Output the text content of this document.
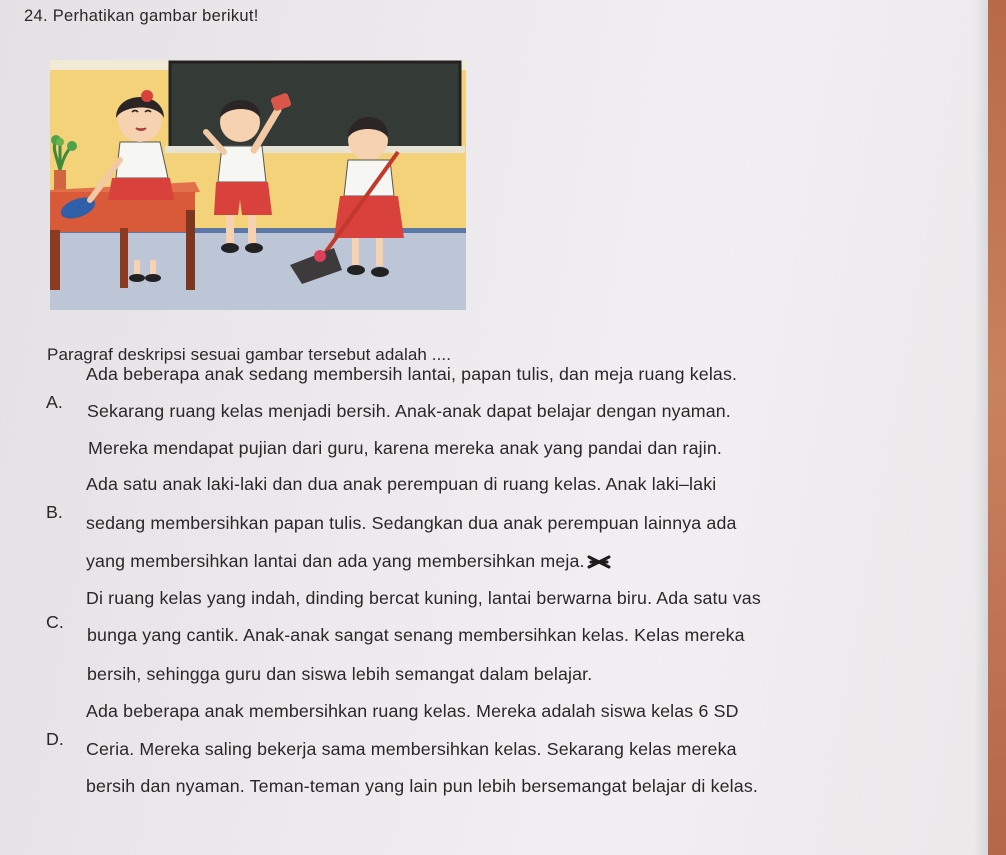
24. Perhatikan gambar berikut!
Paragraf deskripsi sesuai gambar tersebut adalah ....
A.
Ada beberapa anak sedang membersih lantai, papan tulis, dan meja ruang kelas.
Sekarang ruang kelas menjadi bersih. Anak-anak dapat belajar dengan nyaman.
Mereka mendapat pujian dari guru, karena mereka anak yang pandai dan rajin.
B.
Ada satu anak laki-laki dan dua anak perempuan di ruang kelas. Anak laki–laki
sedang membersihkan papan tulis. Sedangkan dua anak perempuan lainnya ada
yang membersihkan lantai dan ada yang membersihkan meja.
C.
Di ruang kelas yang indah, dinding bercat kuning, lantai berwarna biru. Ada satu vas
bunga yang cantik. Anak-anak sangat senang membersihkan kelas. Kelas mereka
bersih, sehingga guru dan siswa lebih semangat dalam belajar.
D.
Ada beberapa anak membersihkan ruang kelas. Mereka adalah siswa kelas 6 SD
Ceria. Mereka saling bekerja sama membersihkan kelas. Sekarang kelas mereka
bersih dan nyaman. Teman-teman yang lain pun lebih bersemangat belajar di kelas.
